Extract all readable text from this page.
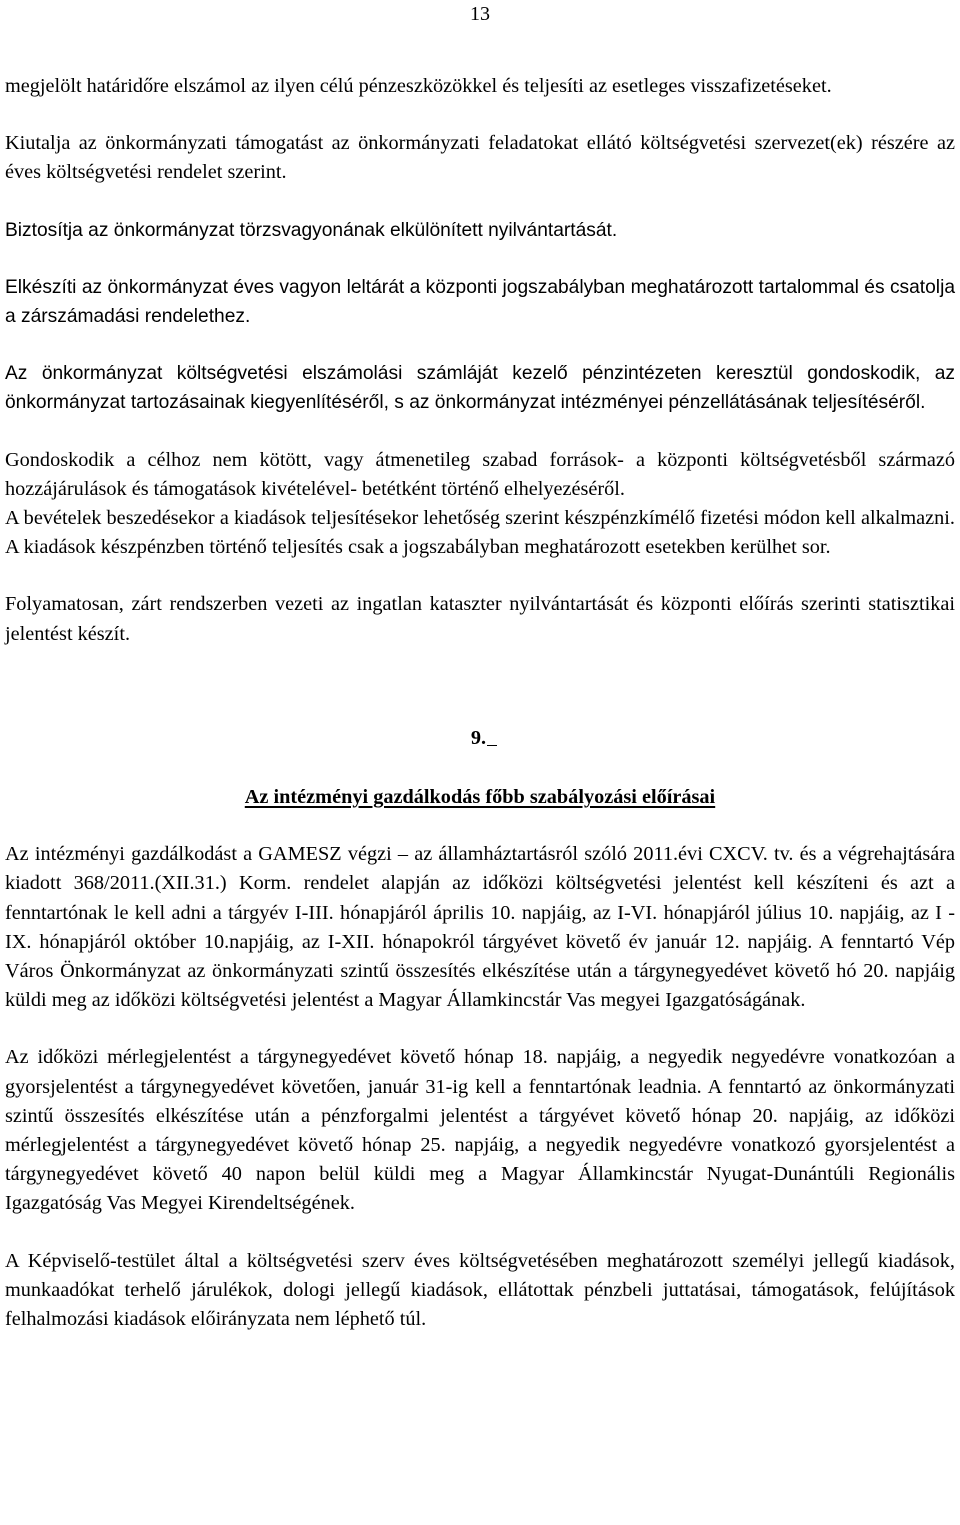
13

megjelölt határidőre elszámol az ilyen célú pénzeszközökkel és teljesíti az esetleges visszafizetéseket.

Kiutalja az önkormányzati támogatást az önkormányzati feladatokat ellátó költségvetési szervezet(ek) részére az éves költségvetési rendelet szerint.

Biztosítja az önkormányzat törzsvagyonának elkülönített nyilvántartását.

Elkészíti az önkormányzat éves vagyon leltárát a központi jogszabályban meghatározott tartalommal és csatolja a zárszámadási rendelethez.

Az önkormányzat költségvetési elszámolási számláját kezelő pénzintézeten keresztül gondoskodik, az önkormányzat tartozásainak kiegyenlítéséről, s az önkormányzat intézményei pénzellátásának teljesítéséről.

Gondoskodik a célhoz nem kötött, vagy átmenetileg szabad források- a központi költségvetésből származó hozzájárulások és támogatások kivételével- betétként történő elhelyezéséről.

A bevételek beszedésekor a kiadások teljesítésekor lehetőség szerint készpénzkímélő fizetési módon kell alkalmazni. A kiadások készpénzben történő teljesítés csak a jogszabályban meghatározott esetekben kerülhet sor.

Folyamatosan, zárt rendszerben vezeti az ingatlan kataszter nyilvántartását és központi előírás szerinti statisztikai jelentést készít.

9.

Az intézményi gazdálkodás főbb szabályozási előírásai

Az intézményi gazdálkodást a GAMESZ végzi – az államháztartásról szóló 2011.évi CXCV. tv. és a végrehajtására kiadott 368/2011.(XII.31.) Korm. rendelet alapján az időközi költségvetési jelentést kell készíteni és azt a fenntartónak le kell adni a tárgyév I-III. hónapjáról április 10. napjáig, az I-VI. hónapjáról július 10. napjáig, az I - IX. hónapjáról október 10.napjáig, az I-XII. hónapokról tárgyévet követő év január 12. napjáig. A fenntartó Vép Város Önkormányzat az önkormányzati szintű összesítés elkészítése után a tárgynegyedévet követő hó 20. napjáig küldi meg az időközi költségvetési jelentést a Magyar Államkincstár Vas megyei Igazgatóságának.

Az időközi mérlegjelentést a tárgynegyedévet követő hónap 18. napjáig, a negyedik negyedévre vonatkozóan a gyorsjelentést a tárgynegyedévet követően, január 31-ig kell a fenntartónak leadnia. A fenntartó az önkormányzati szintű összesítés elkészítése után a pénzforgalmi jelentést a tárgyévet követő hónap 20. napjáig, az időközi mérlegjelentést a tárgynegyedévet követő hónap 25. napjáig, a negyedik negyedévre vonatkozó gyorsjelentést a tárgynegyedévet követő 40 napon belül küldi meg a Magyar Államkincstár Nyugat-Dunántúli Regionális Igazgatóság Vas Megyei Kirendeltségének.

A Képviselő-testület által a költségvetési szerv éves költségvetésében meghatározott személyi jellegű kiadások, munkaadókat terhelő járulékok, dologi jellegű kiadások, ellátottak pénzbeli juttatásai, támogatások, felújítások felhalmozási kiadások előirányzata nem léphető túl.
